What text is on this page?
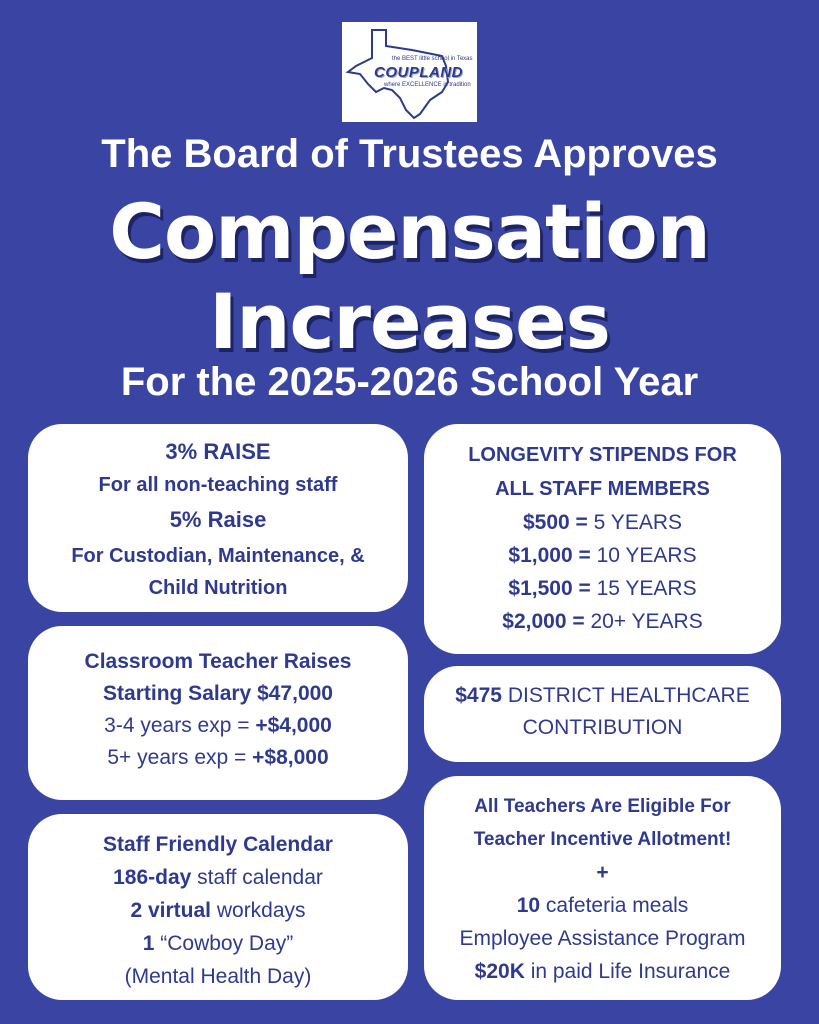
the BEST little school in Texas
COUPLAND
where EXCELLENCE is tradition
The Board of Trustees Approves
Compensation
Increases
For the 2025-2026 School Year
3% RAISE
For all non-teaching staff
5% Raise
For Custodian, Maintenance, &
Child Nutrition
LONGEVITY STIPENDS FOR
ALL STAFF MEMBERS
$500 = 5 YEARS
$1,000 = 10 YEARS
$1,500 = 15 YEARS
$2,000 = 20+ YEARS
Classroom Teacher Raises
Starting Salary $47,000
3-4 years exp = +$4,000
5+ years exp = +$8,000
$475 DISTRICT HEALTHCARE
CONTRIBUTION
Staff Friendly Calendar
186-day staff calendar
2 virtual workdays
1 “Cowboy Day”
(Mental Health Day)
All Teachers Are Eligible For
Teacher Incentive Allotment!
+
10 cafeteria meals
Employee Assistance Program
$20K in paid Life Insurance
